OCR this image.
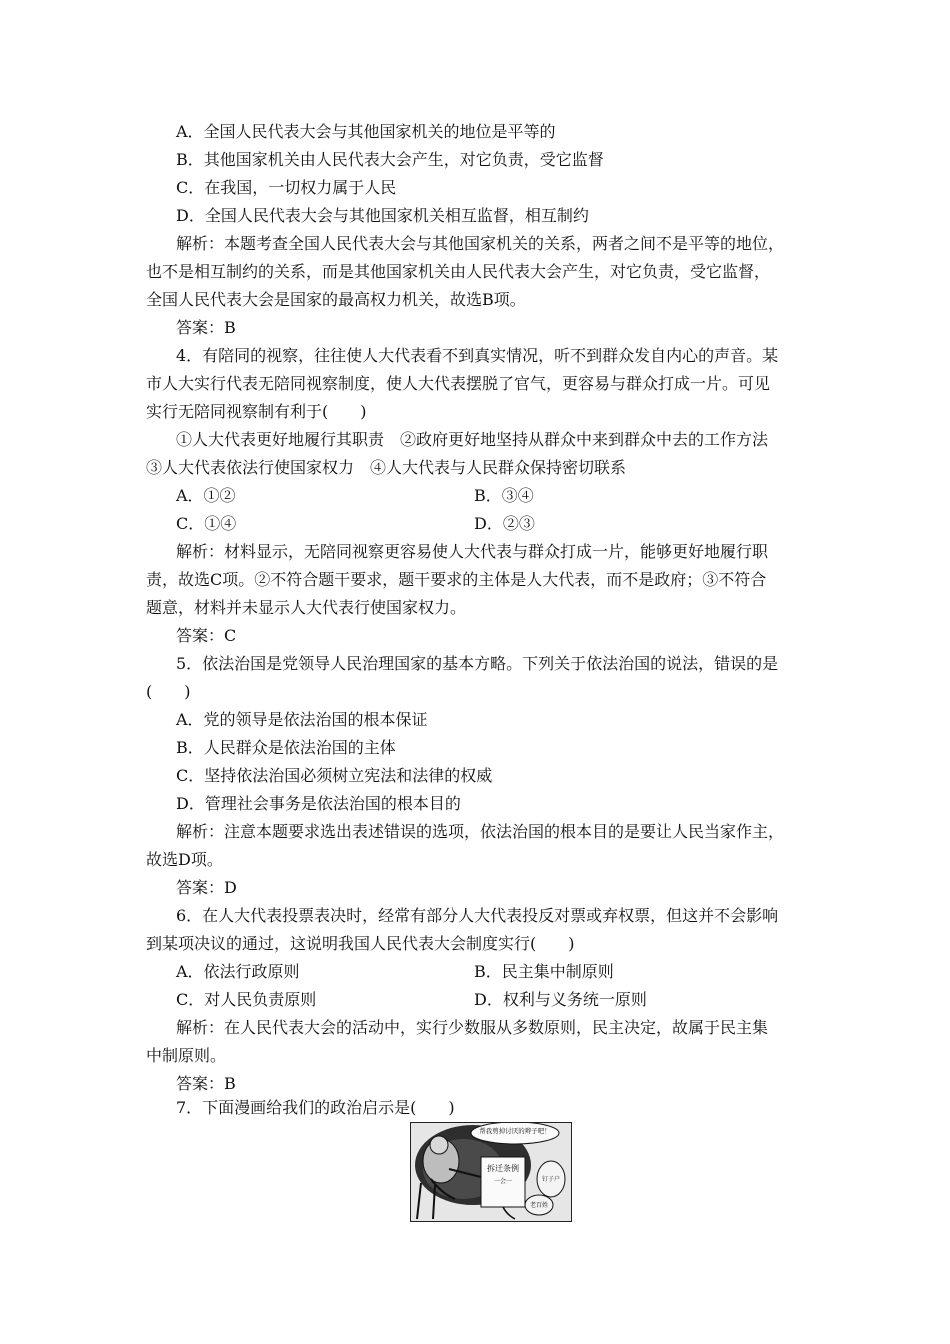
A．全国人民代表大会与其他国家机关的地位是平等的
B．其他国家机关由人民代表大会产生，对它负责，受它监督
C．在我国，一切权力属于人民
D．全国人民代表大会与其他国家机关相互监督，相互制约
解析：本题考查全国人民代表大会与其他国家机关的关系，两者之间不是平等的地位，
也不是相互制约的关系，而是其他国家机关由人民代表大会产生，对它负责，受它监督，
全国人民代表大会是国家的最高权力机关，故选B项。
答案：B
4．有陪同的视察，往往使人大代表看不到真实情况，听不到群众发自内心的声音。某
市人大实行代表无陪同视察制度，使人大代表摆脱了官气，更容易与群众打成一片。可见
实行无陪同视察制有利于(　　)
①人大代表更好地履行其职责　②政府更好地坚持从群众中来到群众中去的工作方法
③人大代表依法行使国家权力　④人大代表与人民群众保持密切联系
A．①②	B．③④
C．①④	D．②③
解析：材料显示，无陪同视察更容易使人大代表与群众打成一片，能够更好地履行职
责，故选C项。②不符合题干要求，题干要求的主体是人大代表，而不是政府；③不符合
题意，材料并未显示人大代表行使国家权力。
答案：C
5．依法治国是党领导人民治理国家的基本方略。下列关于依法治国的说法，错误的是
(　　)
A．党的领导是依法治国的根本保证
B．人民群众是依法治国的主体
C．坚持依法治国必须树立宪法和法律的权威
D．管理社会事务是依法治国的根本目的
解析：注意本题要求选出表述错误的选项，依法治国的根本目的是要让人民当家作主，
故选D项。
答案：D
6．在人大代表投票表决时，经常有部分人大代表投反对票或弃权票，但这并不会影响
到某项决议的通过，这说明我国人民代表大会制度实行(　　)
A．依法行政原则	B．民主集中制原则
C．对人民负责原则	D．权利与义务统一原则
解析：在人民代表大会的活动中，实行少数服从多数原则，民主决定，故属于民主集
中制原则。
答案：B
7．下面漫画给我们的政治启示是(　　)
帮我剪掉讨厌的辫子吧！
拆迁条例
一会一	钉子户
老百姓
